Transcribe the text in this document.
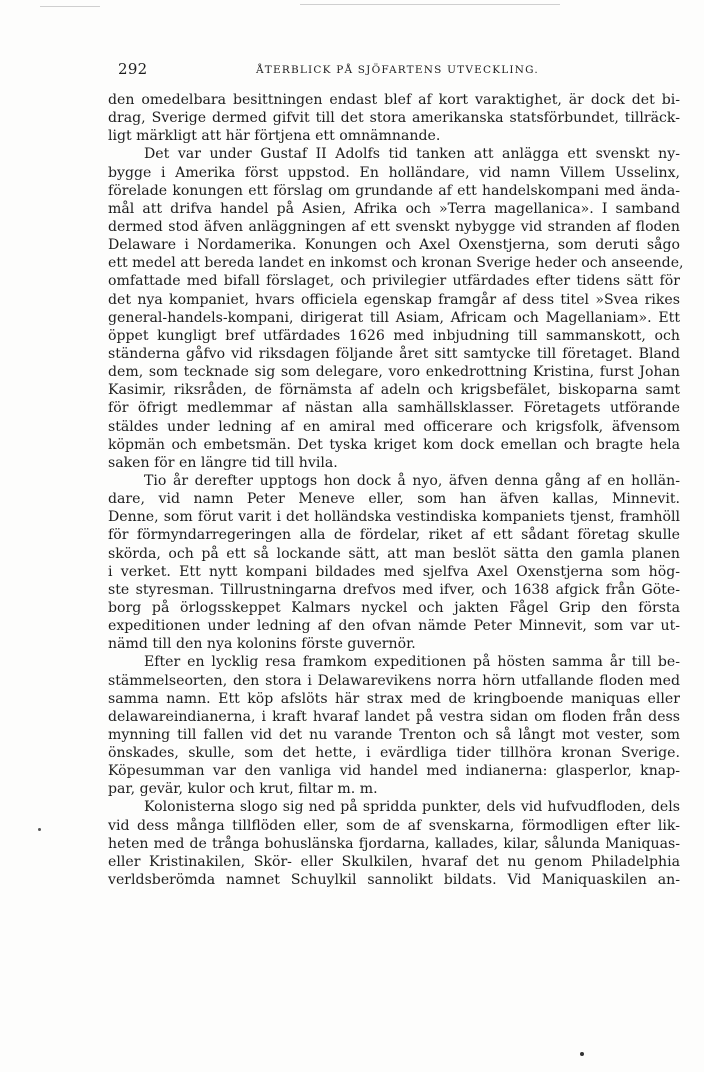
292	ÅTERBLICK PÅ SJÖFARTENS UTVECKLING.
den omedelbara besittningen endast blef af kort varaktighet, är dock det bi-
drag, Sverige dermed gifvit till det stora amerikanska statsförbundet, tillräck-
ligt märkligt att här förtjena ett omnämnande.
Det var under Gustaf II Adolfs tid tanken att anlägga ett svenskt ny-
bygge i Amerika först uppstod. En holländare, vid namn Villem Usselinx,
förelade konungen ett förslag om grundande af ett handelskompani med ända-
mål att drifva handel på Asien, Afrika och »Terra magellanica». I samband
dermed stod äfven anläggningen af ett svenskt nybygge vid stranden af floden
Delaware i Nordamerika. Konungen och Axel Oxenstjerna, som deruti sågo
ett medel att bereda landet en inkomst och kronan Sverige heder och anseende,
omfattade med bifall förslaget, och privilegier utfärdades efter tidens sätt för
det nya kompaniet, hvars officiela egenskap framgår af dess titel »Svea rikes
general-handels-kompani, dirigerat till Asiam, Africam och Magellaniam». Ett
öppet kungligt bref utfärdades 1626 med inbjudning till sammanskott, och
ständerna gåfvo vid riksdagen följande året sitt samtycke till företaget. Bland
dem, som tecknade sig som delegare, voro enkedrottning Kristina, furst Johan
Kasimir, riksråden, de förnämsta af adeln och krigsbefälet, biskoparna samt
för öfrigt medlemmar af nästan alla samhällsklasser. Företagets utförande
stäldes under ledning af en amiral med officerare och krigsfolk, äfvensom
köpmän och embetsmän. Det tyska kriget kom dock emellan och bragte hela
saken för en längre tid till hvila.
Tio år derefter upptogs hon dock å nyo, äfven denna gång af en hollän-
dare, vid namn Peter Meneve eller, som han äfven kallas, Minnevit.
Denne, som förut varit i det holländska vestindiska kompaniets tjenst, framhöll
för förmyndarregeringen alla de fördelar, riket af ett sådant företag skulle
skörda, och på ett så lockande sätt, att man beslöt sätta den gamla planen
i verket. Ett nytt kompani bildades med sjelfva Axel Oxenstjerna som hög-
ste styresman. Tillrustningarna drefvos med ifver, och 1638 afgick från Göte-
borg på örlogsskeppet Kalmars nyckel och jakten Fågel Grip den första
expeditionen under ledning af den ofvan nämde Peter Minnevit, som var ut-
nämd till den nya kolonins förste guvernör.
Efter en lycklig resa framkom expeditionen på hösten samma år till be-
stämmelseorten, den stora i Delawarevikens norra hörn utfallande floden med
samma namn. Ett köp afslöts här strax med de kringboende maniquas eller
delawareindianerna, i kraft hvaraf landet på vestra sidan om floden från dess
mynning till fallen vid det nu varande Trenton och så långt mot vester, som
önskades, skulle, som det hette, i evärdliga tider tillhöra kronan Sverige.
Köpesumman var den vanliga vid handel med indianerna: glasperlor, knap-
par, gevär, kulor och krut, filtar m. m.
Kolonisterna slogo sig ned på spridda punkter, dels vid hufvudfloden, dels
vid dess många tillflöden eller, som de af svenskarna, förmodligen efter lik-
heten med de trånga bohuslänska fjordarna, kallades, kilar, sålunda Maniquas-
eller Kristinakilen, Skör- eller Skulkilen, hvaraf det nu genom Philadelphia
verldsberömda namnet Schuylkil sannolikt bildats. Vid Maniquaskilen an-
